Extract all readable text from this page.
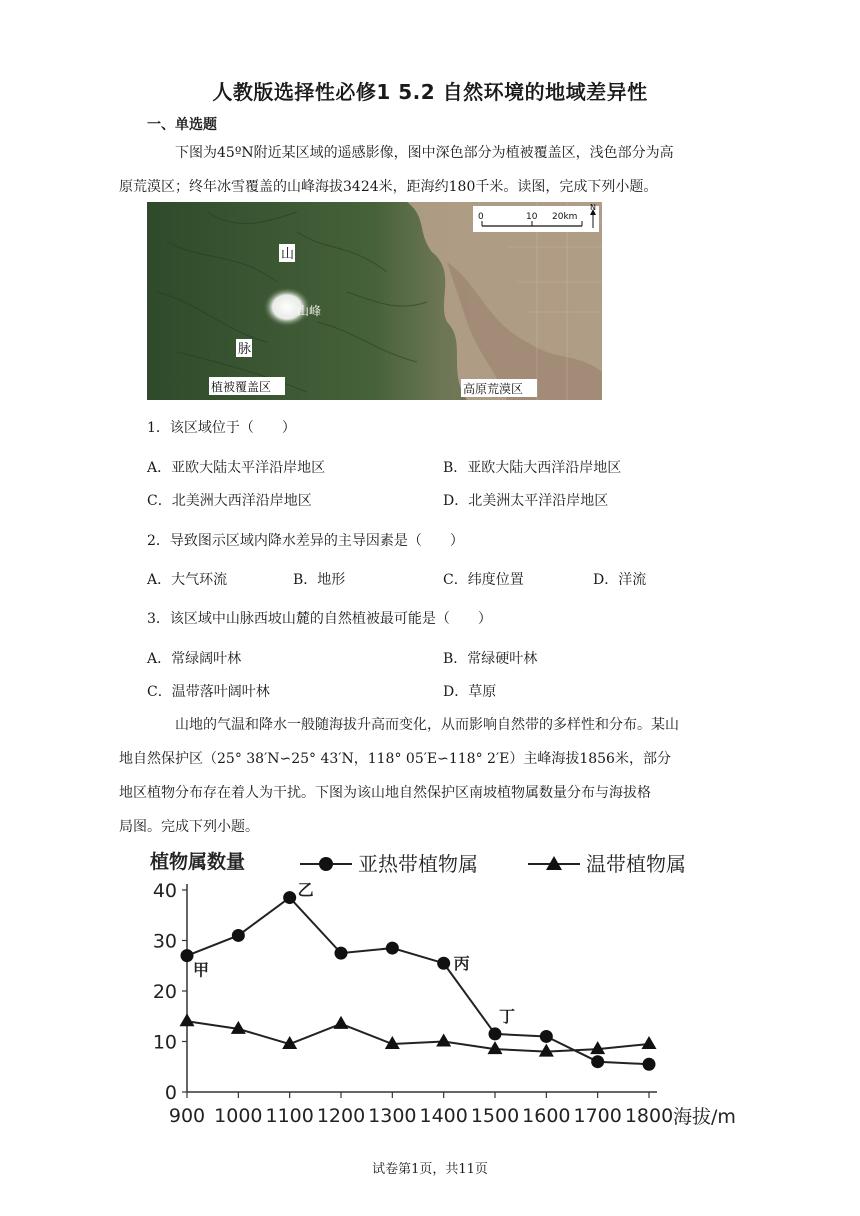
人教版选择性必修1 5.2 自然环境的地域差异性
一、单选题
下图为45ºN附近某区域的遥感影像，图中深色部分为植被覆盖区，浅色部分为高
原荒漠区；终年冰雪覆盖的山峰海拔3424米，距海约180千米。读图，完成下列小题。
山
山峰
脉
植被覆盖区	高原荒漠区
0	10 20km
N
1．该区域位于（　　）
A．亚欧大陆太平洋沿岸地区	B．亚欧大陆大西洋沿岸地区
C．北美洲大西洋沿岸地区	D．北美洲太平洋沿岸地区
2．导致图示区域内降水差异的主导因素是（　　）
A．大气环流	B．地形	C．纬度位置	D．洋流
3．该区域中山脉西坡山麓的自然植被最可能是（　　）
A．常绿阔叶林	B．常绿硬叶林
C．温带落叶阔叶林	D．草原
山地的气温和降水一般随海拔升高而变化，从而影响自然带的多样性和分布。某山
地自然保护区（25° 38′N∽25° 43′N，118° 05′E∽118° 2′E）主峰海拔1856米，部分
地区植物分布存在着人为干扰。下图为该山地自然保护区南坡植物属数量分布与海拔格
局图。完成下列小题。
0
10
20
30
40
900 1000 1100 1200 1300 1400 1500 1600 1700 1800
植物属数量
海拔/m
亚热带植物属	温带植物属
甲
乙
丙
丁
试卷第1页，共11页
